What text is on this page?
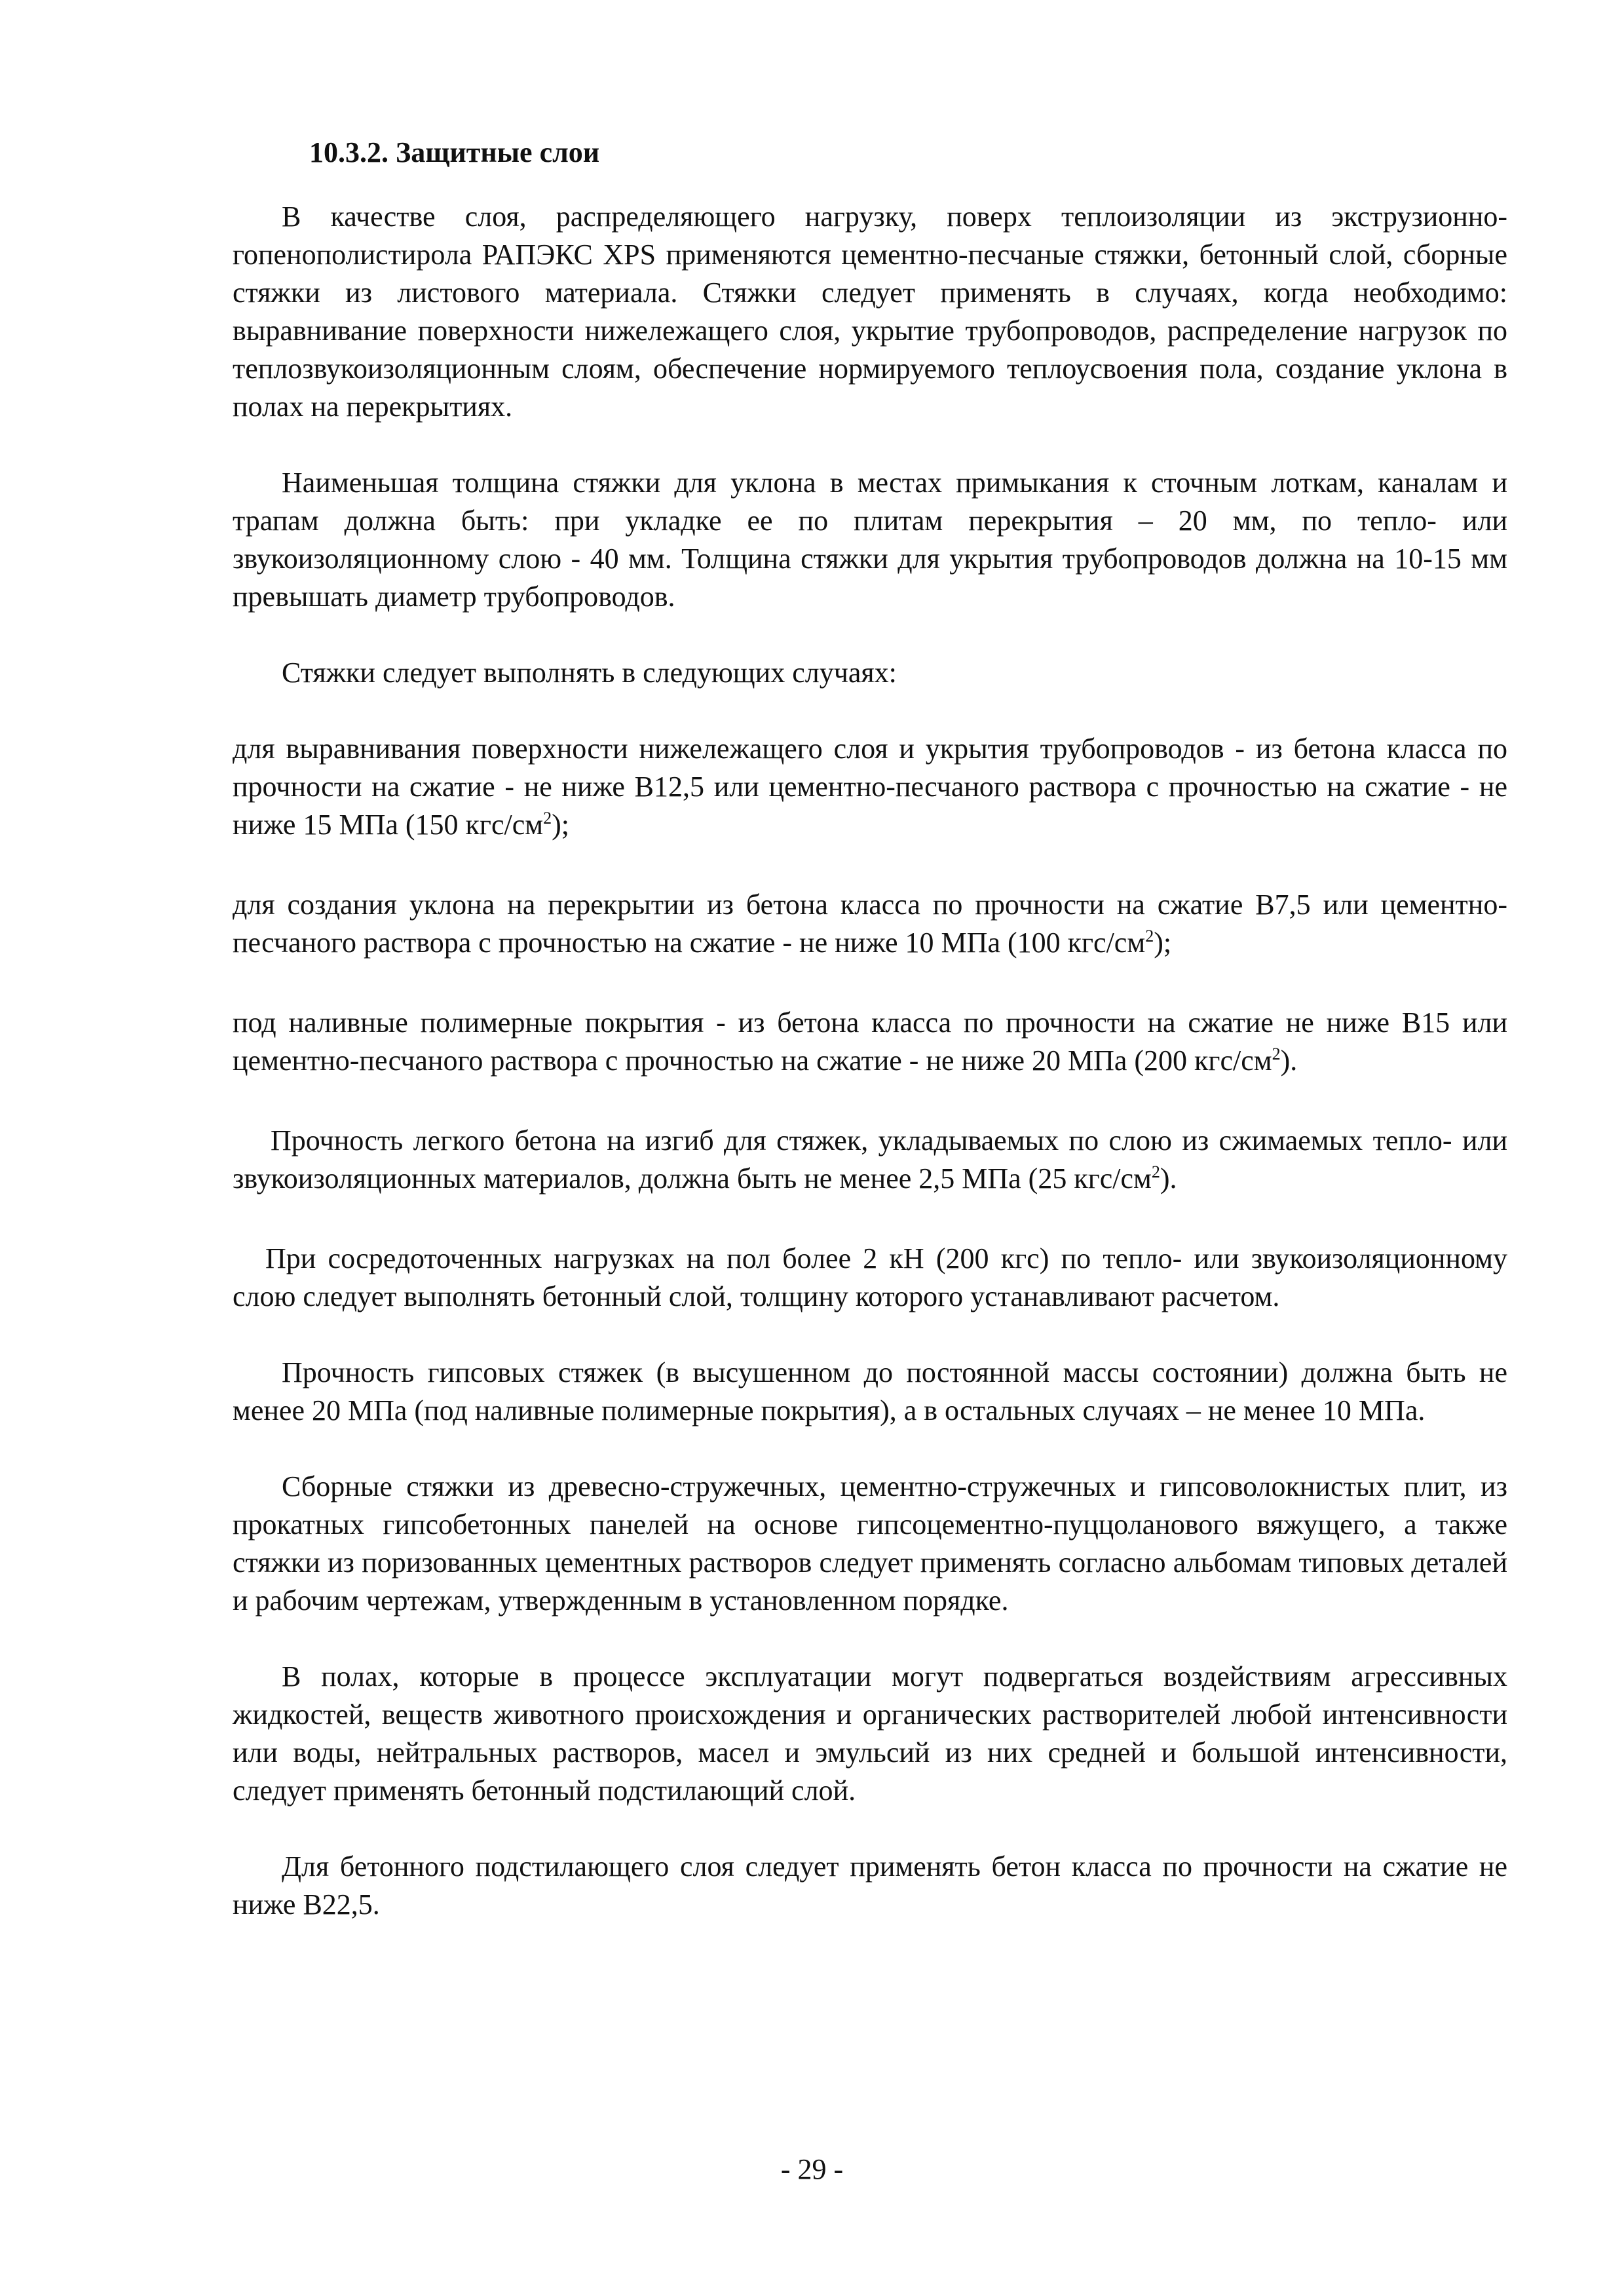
10.3.2. Защитные слои

В качестве слоя, распределяющего нагрузку, поверх теплоизоляции из экструзионногопенополистирола РАПЭКС XPS применяются цементно-песчаные стяжки, бетонный слой, сборные стяжки из листового материала. Стяжки следует применять в случаях, когда необходимо: выравнивание поверхности нижележащего слоя, укрытие трубопроводов, распределение нагрузок по теплозвукоизоляционным слоям, обеспечение нормируемого теплоусвоения пола, создание уклона в полах на перекрытиях.

Наименьшая толщина стяжки для уклона в местах примыкания к сточным лоткам, каналам и трапам должна быть: при укладке ее по плитам перекрытия – 20 мм, по тепло- или звукоизоляционному слою - 40 мм. Толщина стяжки для укрытия трубопроводов должна на 10-15 мм превышать диаметр трубопроводов.

Стяжки следует выполнять в следующих случаях:

для выравнивания поверхности нижележащего слоя и укрытия трубопроводов - из бетона класса по прочности на сжатие - не ниже В12,5 или цементно-песчаного раствора с прочностью на сжатие - не ниже 15 МПа (150 кгс/$см^2$);

для создания уклона на перекрытии из бетона класса по прочности на сжатие В7,5 или цементно-песчаного раствора с прочностью на сжатие - не ниже 10 МПа (100 кгс/$см^2$);

под наливные полимерные покрытия - из бетона класса по прочности на сжатие не ниже В15 или цементно-песчаного раствора с прочностью на сжатие - не ниже 20 МПа (200 кгс/$см^2$).

Прочность легкого бетона на изгиб для стяжек, укладываемых по слою из сжимаемых тепло- или звукоизоляционных материалов, должна быть не менее 2,5 МПа (25 кгс/$см^2$).

При сосредоточенных нагрузках на пол более 2 кН (200 кгс) по тепло- или звукоизоляционному слою следует выполнять бетонный слой, толщину которого устанавливают расчетом.

Прочность гипсовых стяжек (в высушенном до постоянной массы состоянии) должна быть не менее 20 МПа (под наливные полимерные покрытия), а в остальных случаях – не менее 10 МПа.

Сборные стяжки из древесно-стружечных, цементно-стружечных и гипсоволокнистых плит, из прокатных гипсобетонных панелей на основе гипсоцементно-пуццоланового вяжущего, а также стяжки из поризованных цементных растворов следует применять согласно альбомам типовых деталей и рабочим чертежам, утвержденным в установленном порядке.

В полах, которые в процессе эксплуатации могут подвергаться воздействиям агрессивных жидкостей, веществ животного происхождения и органических растворителей любой интенсивности или воды, нейтральных растворов, масел и эмульсий из них средней и большой интенсивности, следует применять бетонный подстилающий слой.

Для бетонного подстилающего слоя следует применять бетон класса по прочности на сжатие не ниже В22,5.

- 29 -
